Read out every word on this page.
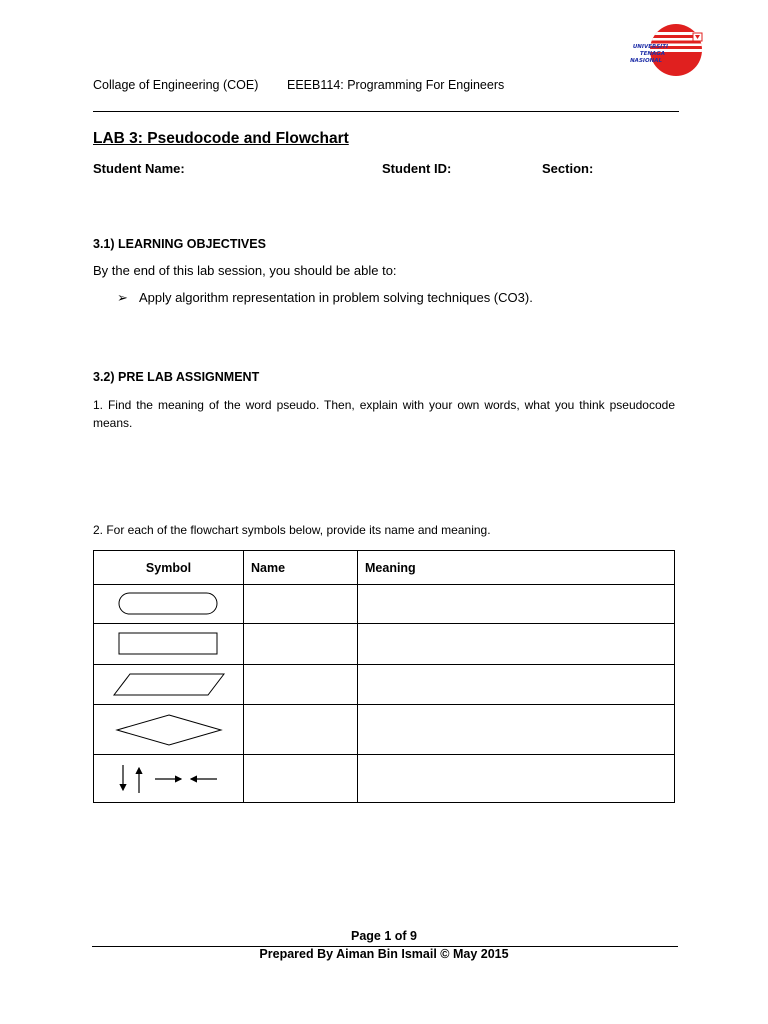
Collage of Engineering (COE) EEEB114: Programming For Engineers
UNIVERSITI
TENAGA
NASIONAL
LAB 3: Pseudocode and Flowchart
Student Name:	Student ID:	Section:
3.1) LEARNING OBJECTIVES
By the end of this lab session, you should be able to:
➢ Apply algorithm representation in problem solving techniques (CO3).
3.2) PRE LAB ASSIGNMENT
1. Find the meaning of the word pseudo. Then, explain with your own words, what you think pseudocode means.
2. For each of the flowchart symbols below, provide its name and meaning.
Symbol	Name	Meaning

Page 1 of 9
Prepared By Aiman Bin Ismail © May 2015
